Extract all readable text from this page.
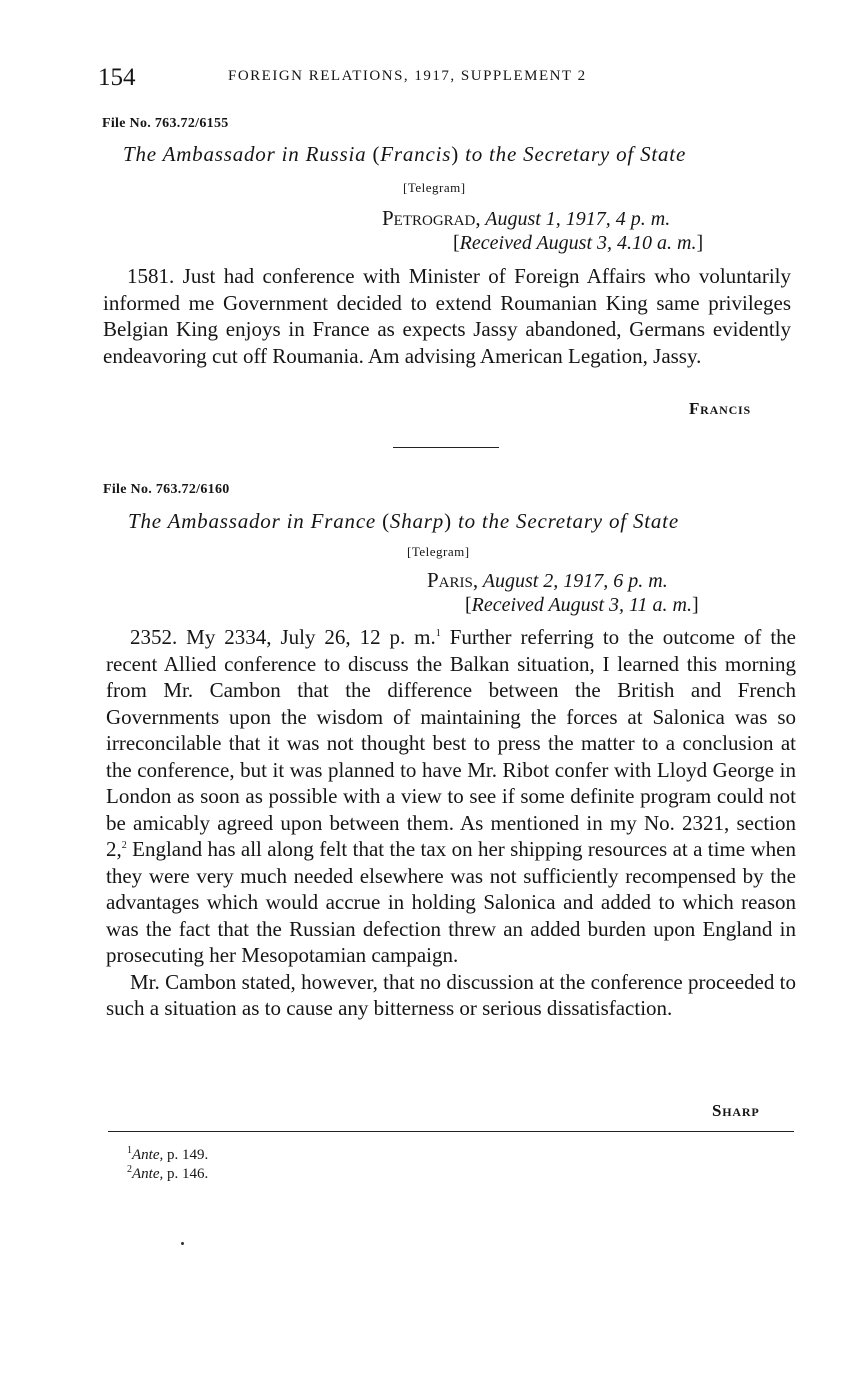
154	FOREIGN RELATIONS, 1917, SUPPLEMENT 2
File No. 763.72/6155
The Ambassador in Russia (Francis) to the Secretary of State
[Telegram]
Petrograd, August 1, 1917, 4 p. m.
[Received August 3, 4.10 a. m.]

1581. Just had conference with Minister of Foreign Affairs who voluntarily informed me Government decided to extend Roumanian King same privileges Belgian King enjoys in France as expects Jassy abandoned, Germans evidently endeavoring cut off Roumania. Am advising American Legation, Jassy.

Francis
File No. 763.72/6160
The Ambassador in France (Sharp) to the Secretary of State
[Telegram]
Paris, August 2, 1917, 6 p. m.
[Received August 3, 11 a. m.]

2352. My 2334, July 26, 12 p. m.$^1$ Further referring to the outcome of the recent Allied conference to discuss the Balkan situation, I learned this morning from Mr. Cambon that the difference between the British and French Governments upon the wisdom of maintaining the forces at Salonica was so irreconcilable that it was not thought best to press the matter to a conclusion at the conference, but it was planned to have Mr. Ribot confer with Lloyd George in London as soon as possible with a view to see if some definite program could not be amicably agreed upon between them. As mentioned in my No. 2321, section 2,$^2$ England has all along felt that the tax on her shipping resources at a time when they were very much needed elsewhere was not sufficiently recompensed by the advantages which would accrue in holding Salonica and added to which reason was the fact that the Russian defection threw an added burden upon England in prosecuting her Mesopotamian campaign.

Mr. Cambon stated, however, that no discussion at the conference proceeded to such a situation as to cause any bitterness or serious dissatisfaction.

Sharp
$^1$Ante, p. 149.
$^2$Ante, p. 146.
